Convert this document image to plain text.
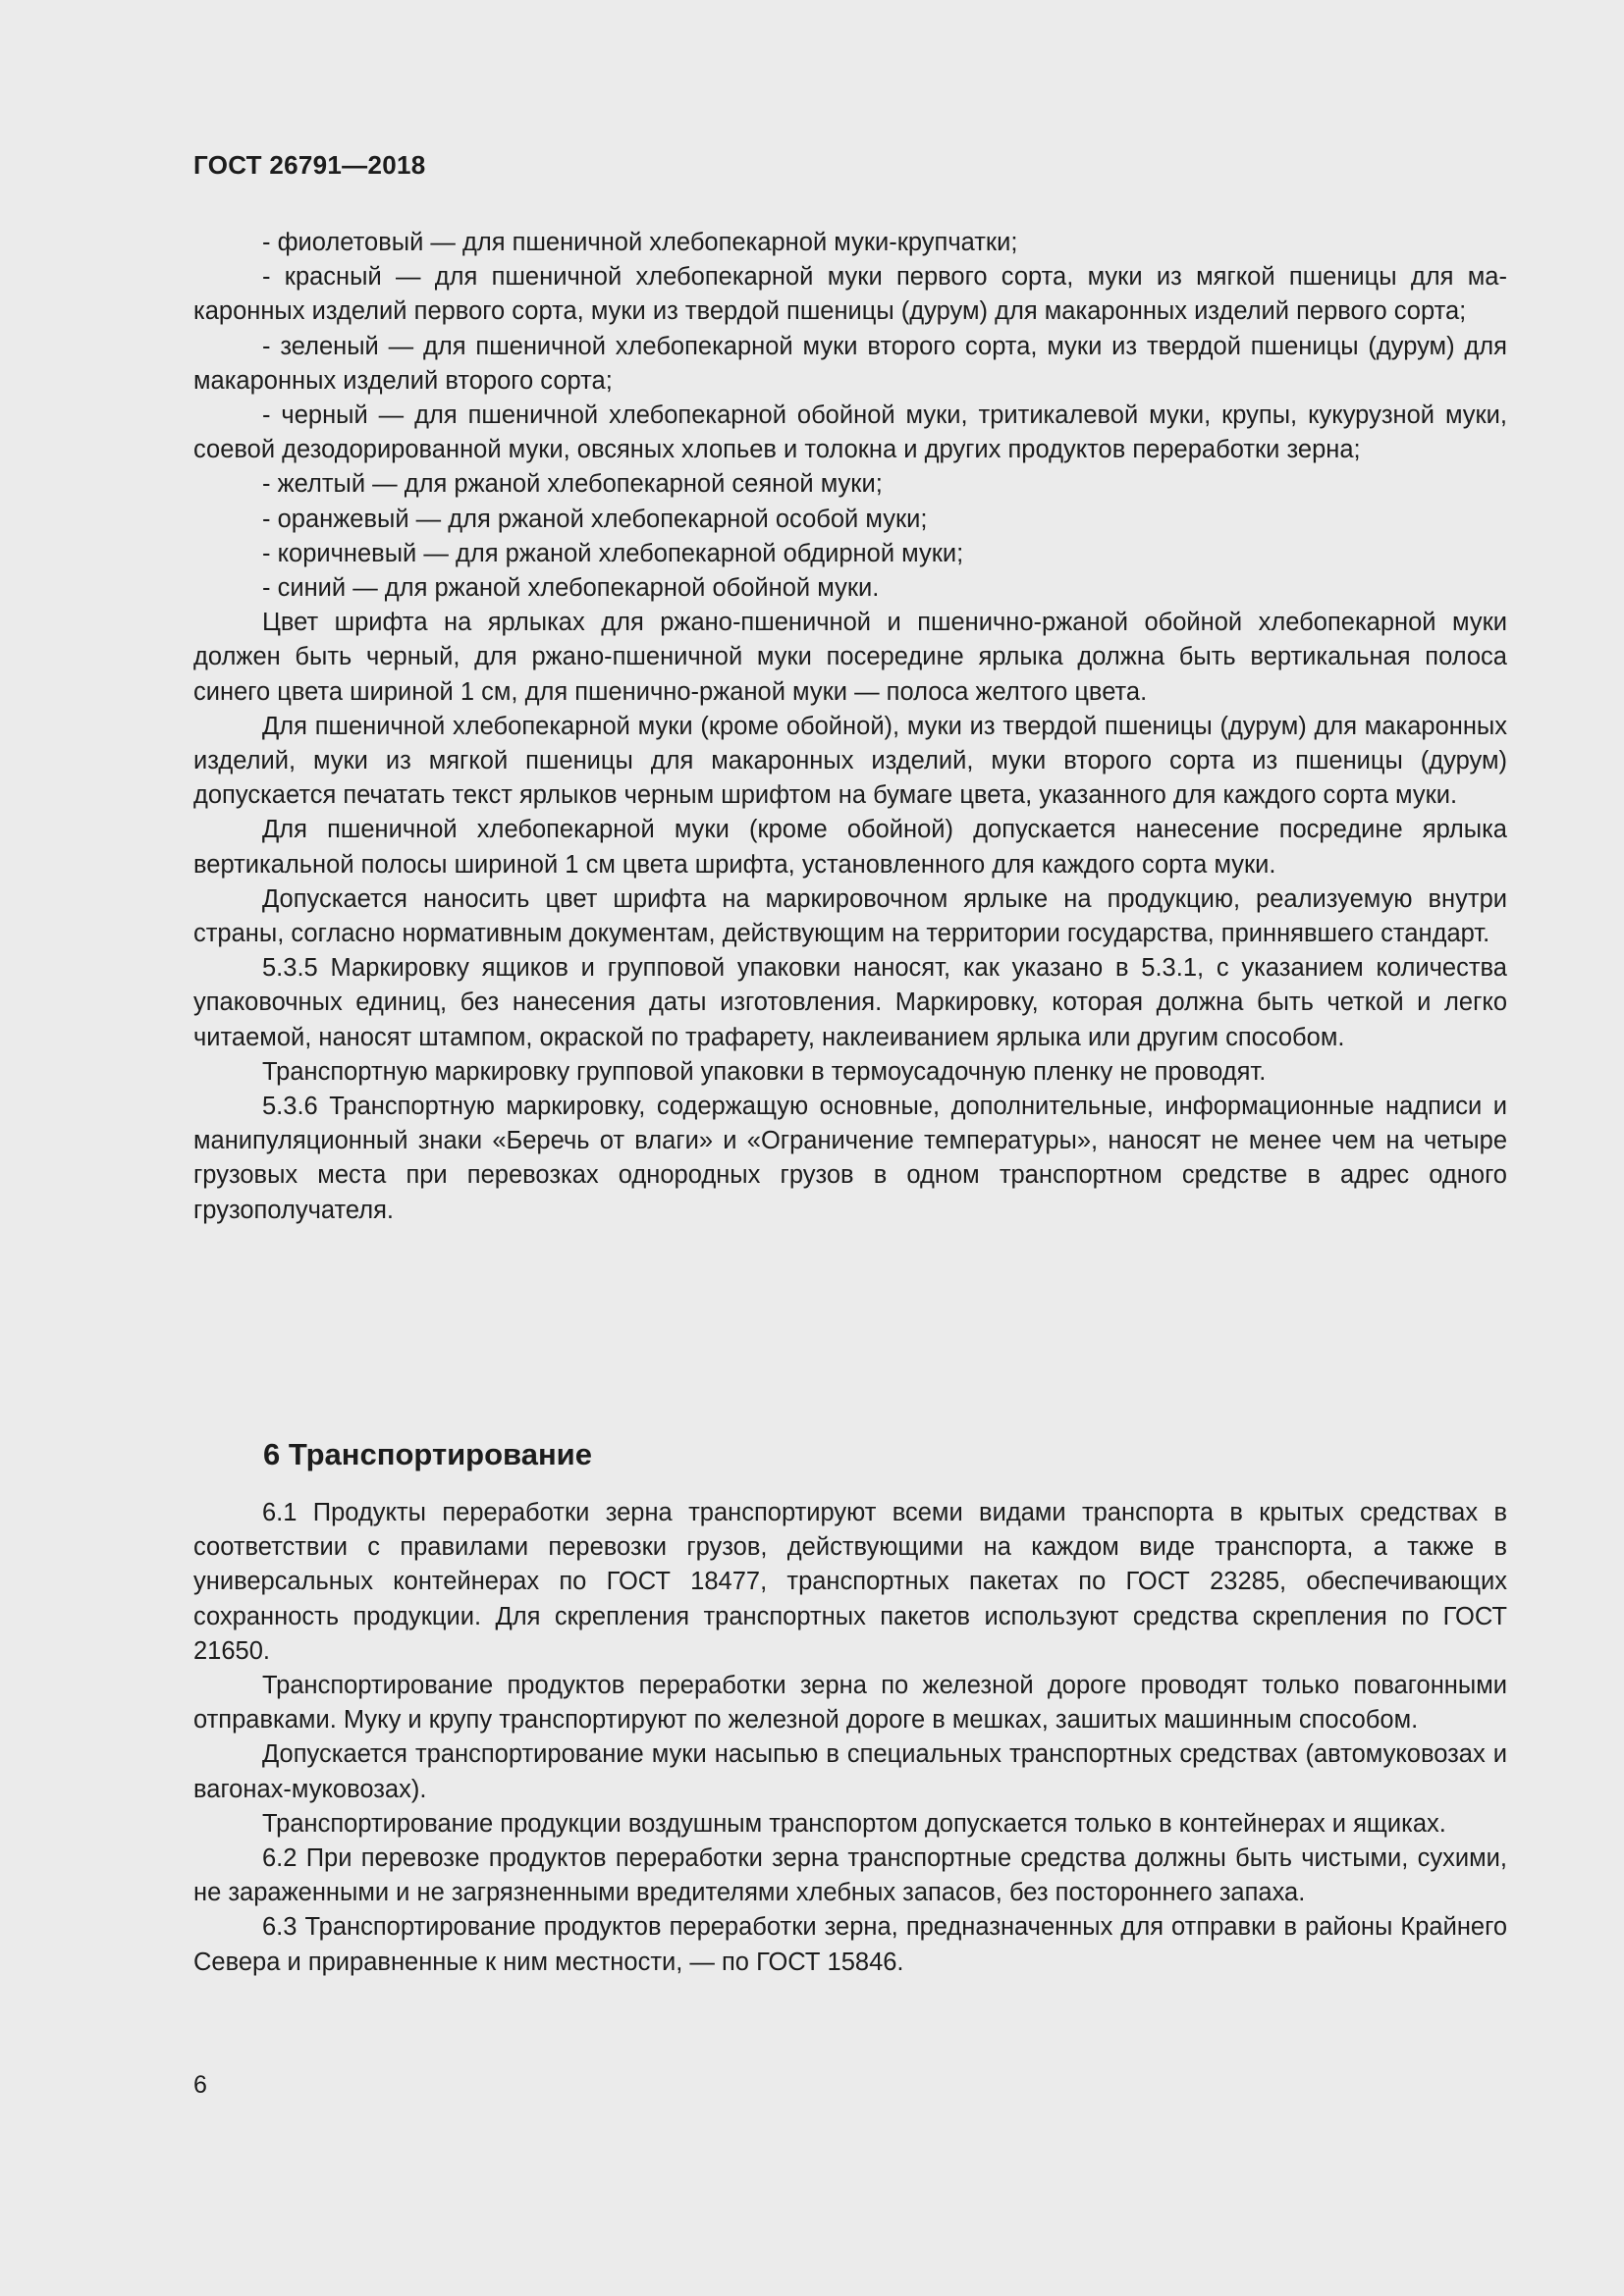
ГОСТ 26791—2018

- фиолетовый — для пшеничной хлебопекарной муки-крупчатки;

- красный — для пшеничной хлебопекарной муки первого сорта, муки из мягкой пшеницы для макаронных изделий первого сорта, муки из твердой пшеницы (дурум) для макаронных изделий первого сорта;

- зеленый — для пшеничной хлебопекарной муки второго сорта, муки из твердой пшеницы (дурум) для макаронных изделий второго сорта;

- черный — для пшеничной хлебопекарной обойной муки, тритикалевой муки, крупы, кукурузной муки, соевой дезодорированной муки, овсяных хлопьев и толокна и других продуктов переработки зерна;

- желтый — для ржаной хлебопекарной сеяной муки;

- оранжевый — для ржаной хлебопекарной особой муки;

- коричневый — для ржаной хлебопекарной обдирной муки;

- синий — для ржаной хлебопекарной обойной муки.

Цвет шрифта на ярлыках для ржано-пшеничной и пшенично-ржаной обойной хлебопекарной муки должен быть черный, для ржано-пшеничной муки посередине ярлыка должна быть вертикальная полоса синего цвета шириной 1 см, для пшенично-ржаной муки — полоса желтого цвета.

Для пшеничной хлебопекарной муки (кроме обойной), муки из твердой пшеницы (дурум) для макаронных изделий, муки из мягкой пшеницы для макаронных изделий, муки второго сорта из пшеницы (дурум) допускается печатать текст ярлыков черным шрифтом на бумаге цвета, указанного для каждого сорта муки.

Для пшеничной хлебопекарной муки (кроме обойной) допускается нанесение посредине ярлыка вертикальной полосы шириной 1 см цвета шрифта, установленного для каждого сорта муки.

Допускается наносить цвет шрифта на маркировочном ярлыке на продукцию, реализуемую внутри страны, согласно нормативным документам, действующим на территории государства, приннявшего стандарт.

5.3.5 Маркировку ящиков и групповой упаковки наносят, как указано в 5.3.1, с указанием количества упаковочных единиц, без нанесения даты изготовления. Маркировку, которая должна быть четкой и легко читаемой, наносят штампом, окраской по трафарету, наклеиванием ярлыка или другим способом.

Транспортную маркировку групповой упаковки в термоусадочную пленку не проводят.

5.3.6 Транспортную маркировку, содержащую основные, дополнительные, информационные надписи и манипуляционный знаки «Беречь от влаги» и «Ограничение температуры», наносят не менее чем на четыре грузовых места при перевозках однородных грузов в одном транспортном средстве в адрес одного грузополучателя.

6 Транспортирование

6.1 Продукты переработки зерна транспортируют всеми видами транспорта в крытых средствах в соответствии с правилами перевозки грузов, действующими на каждом виде транспорта, а также в универсальных контейнерах по ГОСТ 18477, транспортных пакетах по ГОСТ 23285, обеспечивающих сохранность продукции. Для скрепления транспортных пакетов используют средства скрепления по ГОСТ 21650.

Транспортирование продуктов переработки зерна по железной дороге проводят только повагонными отправками. Муку и крупу транспортируют по железной дороге в мешках, зашитых машинным способом.

Допускается транспортирование муки насыпью в специальных транспортных средствах (автомуковозах и вагонах-муковозах).

Транспортирование продукции воздушным транспортом допускается только в контейнерах и ящиках.

6.2 При перевозке продуктов переработки зерна транспортные средства должны быть чистыми, сухими, не зараженными и не загрязненными вредителями хлебных запасов, без постороннего запаха.

6.3 Транспортирование продуктов переработки зерна, предназначенных для отправки в районы Крайнего Севера и приравненные к ним местности, — по ГОСТ 15846.

6
